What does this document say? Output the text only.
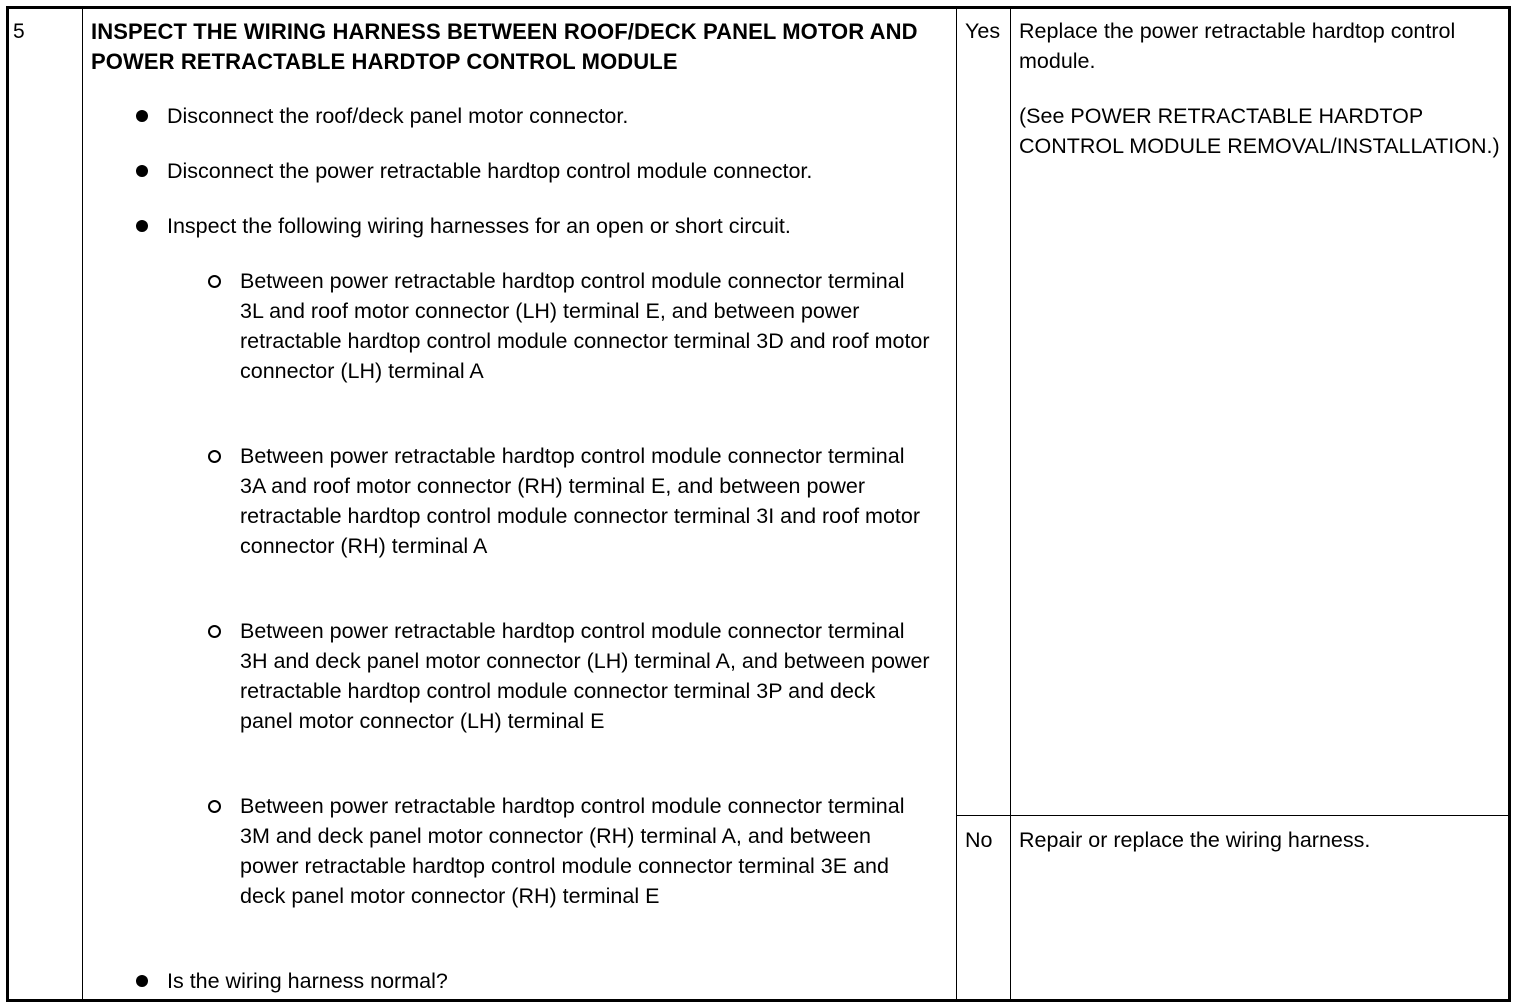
5	INSPECT THE WIRING HARNESS BETWEEN ROOF/DECK PANEL MOTOR AND POWER RETRACTABLE HARDTOP CONTROL MODULE
Disconnect the roof/deck panel motor connector.
Disconnect the power retractable hardtop control module connector.
Inspect the following wiring harnesses for an open or short circuit.
Between power retractable hardtop control module connector terminal 3L and roof motor connector (LH) terminal E, and between power retractable hardtop control module connector terminal 3D and roof motor connector (LH) terminal A
Between power retractable hardtop control module connector terminal 3A and roof motor connector (RH) terminal E, and between power retractable hardtop control module connector terminal 3I and roof motor connector (RH) terminal A
Between power retractable hardtop control module connector terminal 3H and deck panel motor connector (LH) terminal A, and between power retractable hardtop control module connector terminal 3P and deck panel motor connector (LH) terminal E
Between power retractable hardtop control module connector terminal 3M and deck panel motor connector (RH) terminal A, and between power retractable hardtop control module connector terminal 3E and deck panel motor connector (RH) terminal E
Is the wiring harness normal?
Yes Replace the power retractable hardtop control module.
(See POWER RETRACTABLE HARDTOP CONTROL MODULE REMOVAL/INSTALLATION.)
No Repair or replace the wiring harness.
